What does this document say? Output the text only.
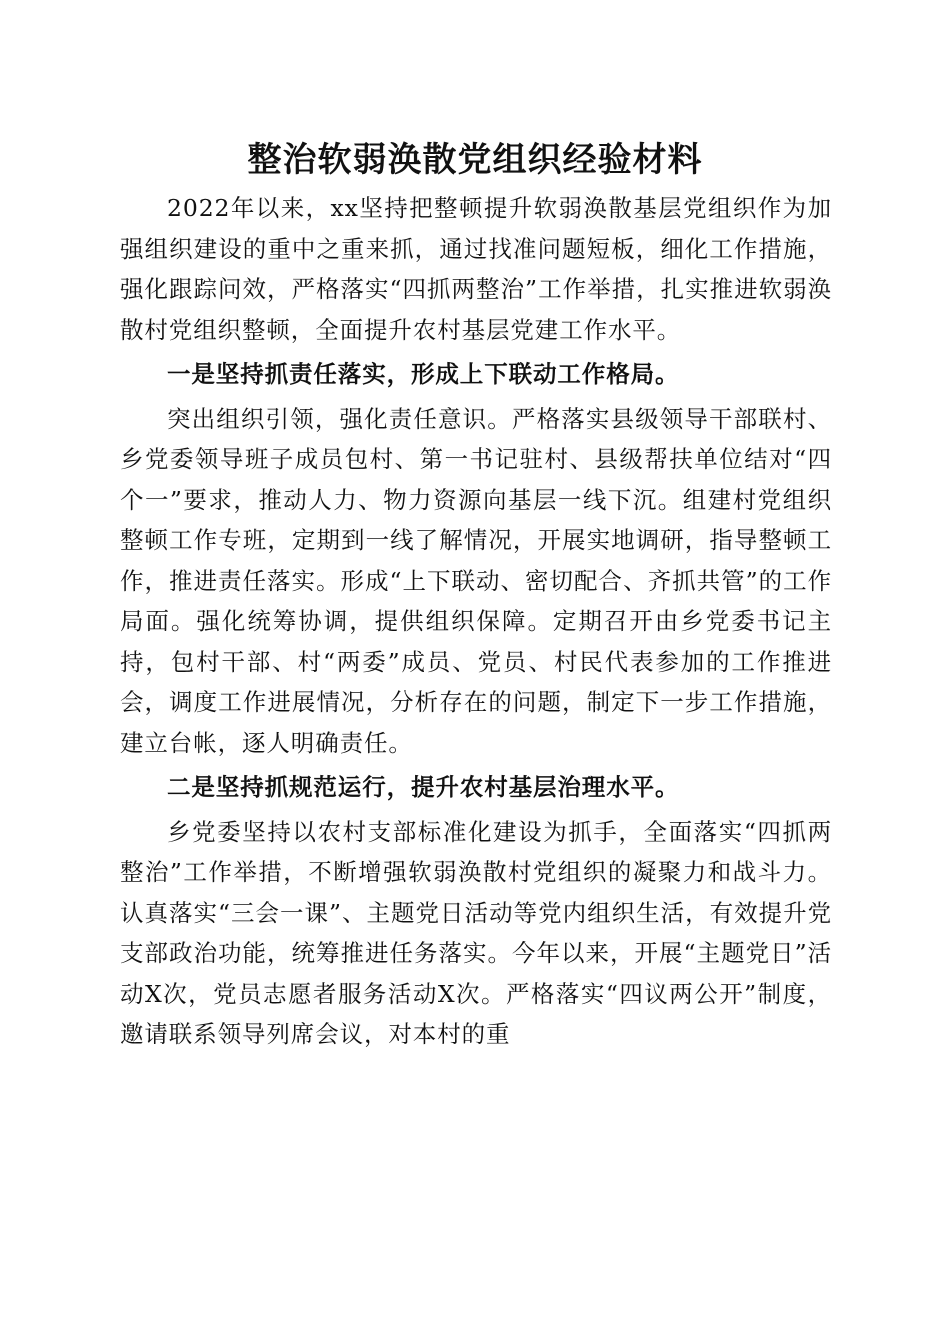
整治软弱涣散党组织经验材料

2022年以来，xx坚持把整顿提升软弱涣散基层党组织作为加强组织建设的重中之重来抓，通过找准问题短板，细化工作措施，强化跟踪问效，严格落实“四抓两整治”工作举措，扎实推进软弱涣散村党组织整顿，全面提升农村基层党建工作水平。

一是坚持抓责任落实，形成上下联动工作格局。

突出组织引领，强化责任意识。严格落实县级领导干部联村、乡党委领导班子成员包村、第一书记驻村、县级帮扶单位结对“四个一”要求，推动人力、物力资源向基层一线下沉。组建村党组织整顿工作专班，定期到一线了解情况，开展实地调研，指导整顿工作，推进责任落实。形成“上下联动、密切配合、齐抓共管”的工作局面。强化统筹协调，提供组织保障。定期召开由乡党委书记主持，包村干部、村“两委”成员、党员、村民代表参加的工作推进会，调度工作进展情况，分析存在的问题，制定下一步工作措施，建立台帐，逐人明确责任。

二是坚持抓规范运行，提升农村基层治理水平。

乡党委坚持以农村支部标准化建设为抓手，全面落实“四抓两整治”工作举措，不断增强软弱涣散村党组织的凝聚力和战斗力。认真落实“三会一课”、主题党日活动等党内组织生活，有效提升党支部政治功能，统筹推进任务落实。今年以来，开展“主题党日”活动X次，党员志愿者服务活动X次。严格落实“四议两公开”制度，邀请联系领导列席会议，对本村的重
